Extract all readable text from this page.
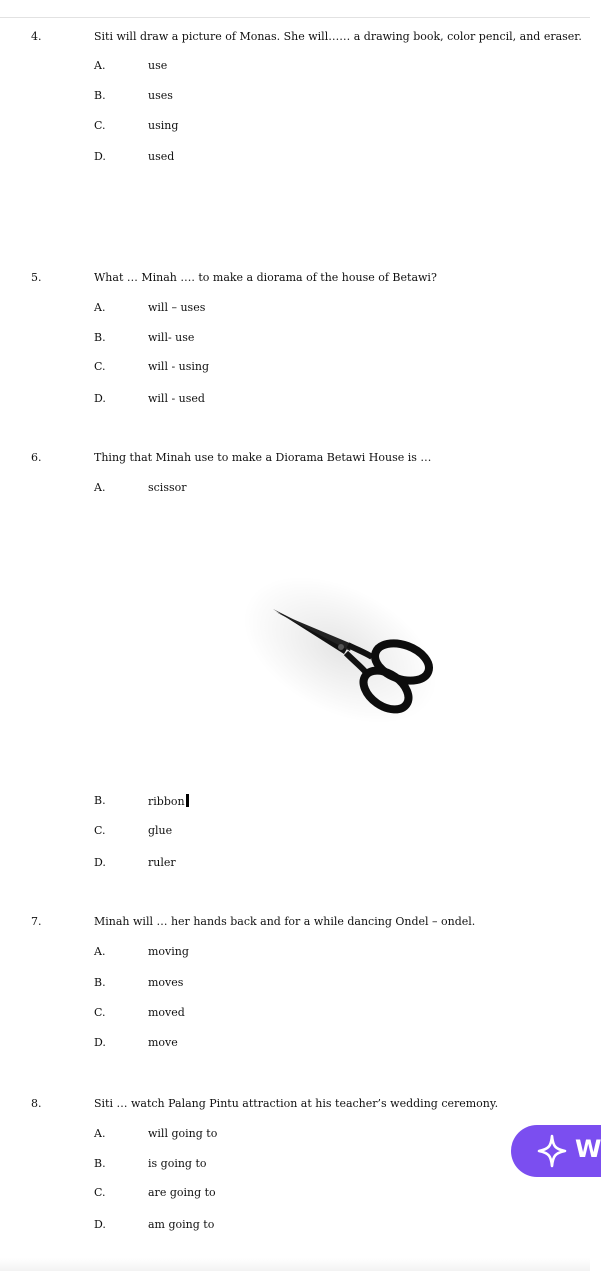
4.	Siti will draw a picture of Monas. She will…… a drawing book, color pencil, and eraser.
A.	use
B.	uses
C.	using
D.	used
5.	What … Minah …. to make a diorama of the house of Betawi?
A.	will – uses
B.	will- use
C.	will - using
D.	will - used
6.	Thing that Minah use to make a Diorama Betawi House is …
A.	scissor
B.	ribbon
C.	glue
D.	ruler
7.	Minah will … her hands back and for a while dancing Ondel – ondel.
A.	moving
B.	moves
C.	moved
D.	move
8.	Siti … watch Palang Pintu attraction at his teacher’s wedding ceremony.
A.	will going to
B.	is going to
C.	are going to
D.	am going to
W
